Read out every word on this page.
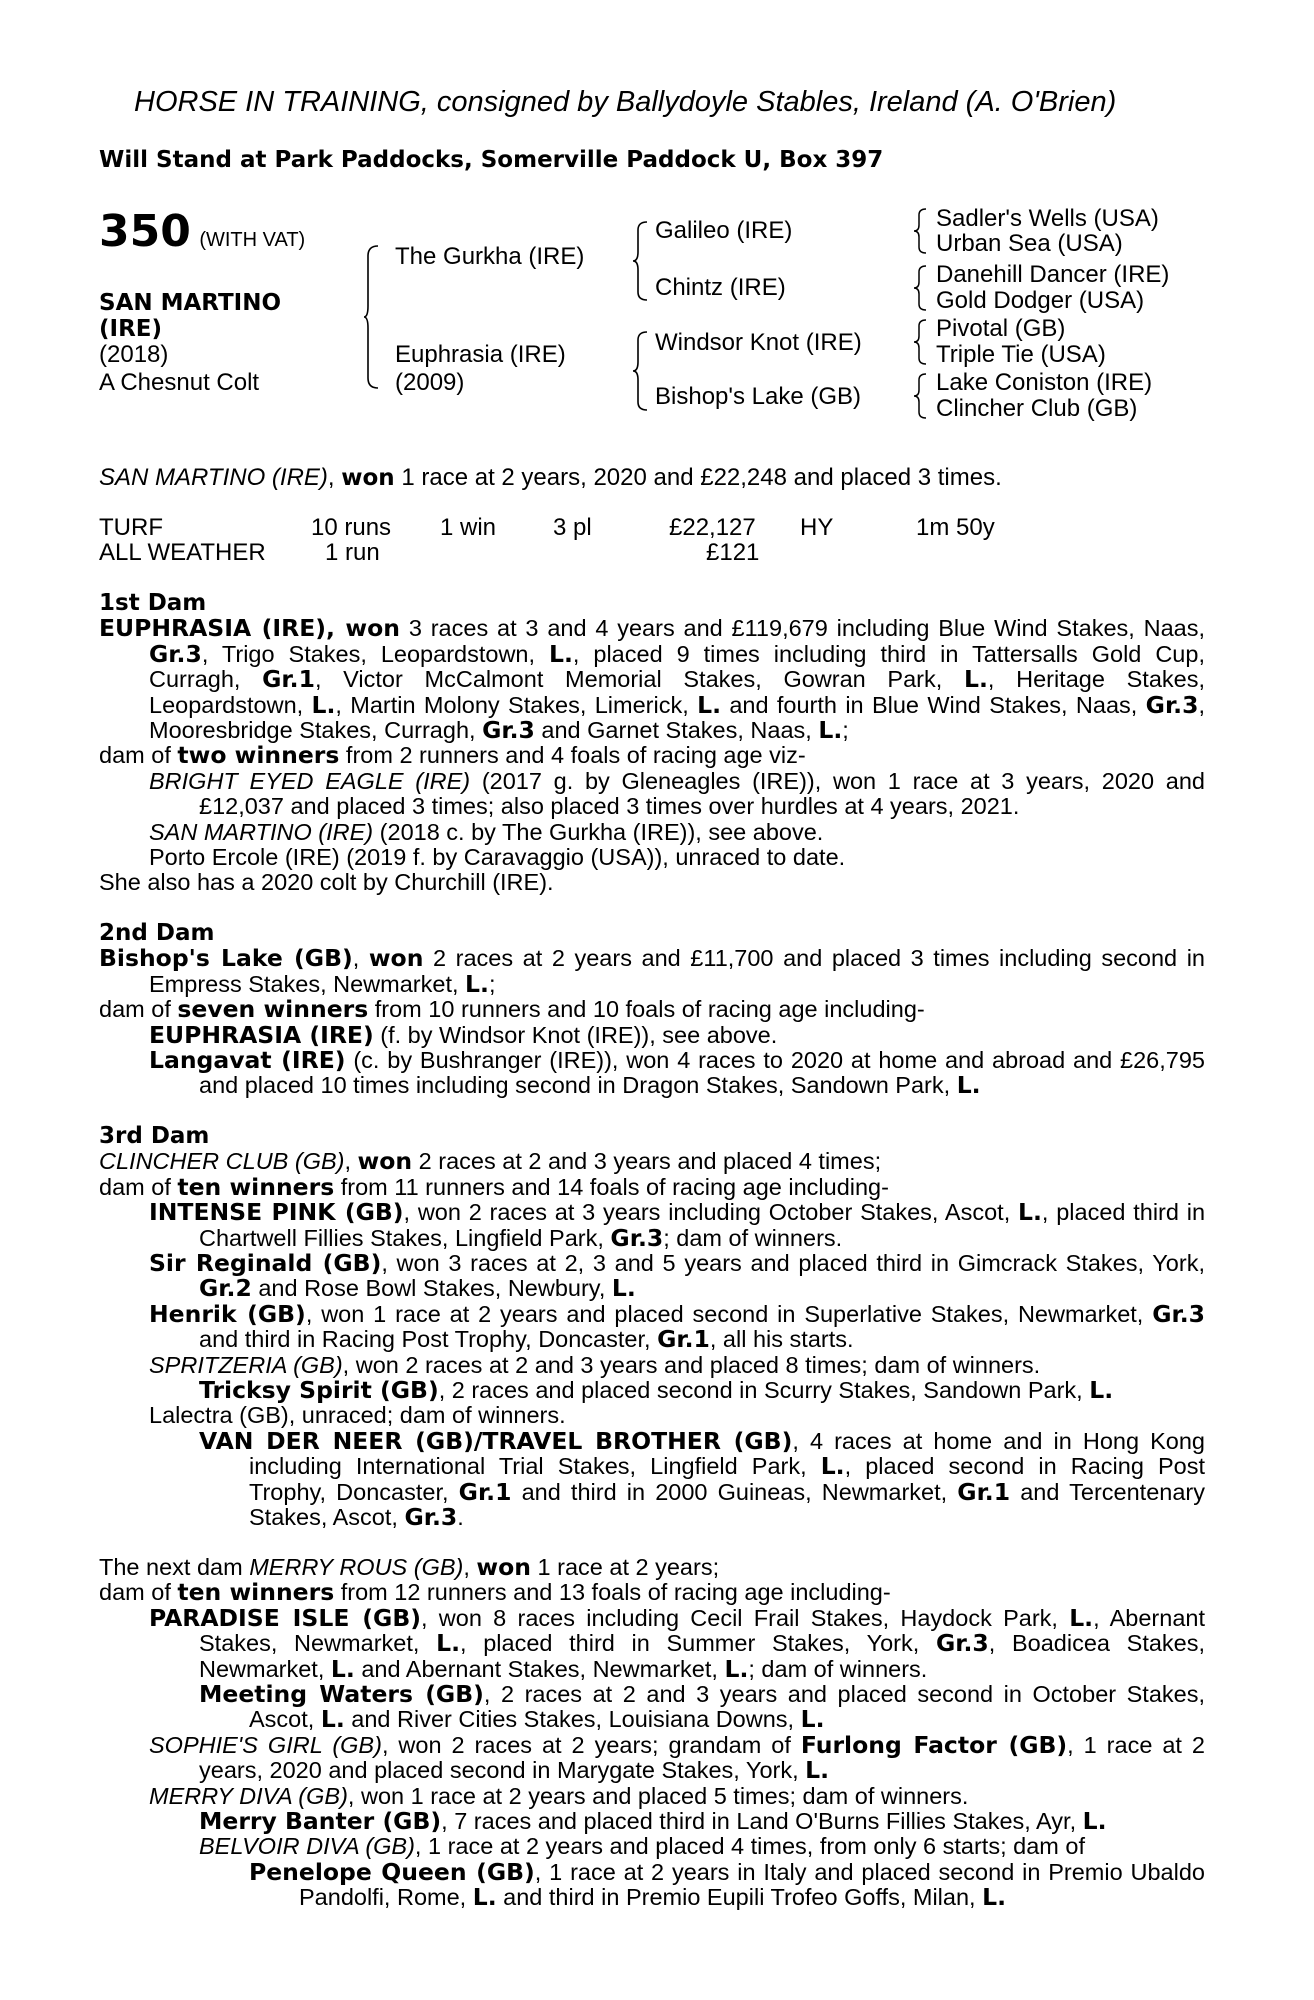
HORSE IN TRAINING, consigned by Ballydoyle Stables, Ireland (A. O'Brien)
Will Stand at Park Paddocks, Somerville Paddock U, Box 397
350 (WITH VAT)
SAN MARTINO
(IRE)
(2018)
A Chesnut Colt
The Gurkha (IRE)
Euphrasia (IRE)
(2009)
Galileo (IRE)
Chintz (IRE)
Windsor Knot (IRE)
Bishop's Lake (GB)
Sadler's Wells (USA)
Urban Sea (USA)
Danehill Dancer (IRE)
Gold Dodger (USA)
Pivotal (GB)
Triple Tie (USA)
Lake Coniston (IRE)
Clincher Club (GB)
SAN MARTINO (IRE), won 1 race at 2 years, 2020 and £22,248 and placed 3 times.
TURF	10 runs 1 win 3 pl	£22,127 HY	1m 50y
ALL WEATHER 1 run	£121

1st Dam

EUPHRASIA (IRE), won 3 races at 3 and 4 years and £119,679 including Blue Wind Stakes, Naas, Gr.3, Trigo Stakes, Leopardstown, L., placed 9 times including third in Tattersalls Gold Cup, Curragh, Gr.1, Victor McCalmont Memorial Stakes, Gowran Park, L., Heritage Stakes, Leopardstown, L., Martin Molony Stakes, Limerick, L. and fourth in Blue Wind Stakes, Naas, Gr.3, Mooresbridge Stakes, Curragh, Gr.3 and Garnet Stakes, Naas, L.;

dam of two winners from 2 runners and 4 foals of racing age viz-

BRIGHT EYED EAGLE (IRE) (2017 g. by Gleneagles (IRE)), won 1 race at 3 years, 2020 and £12,037 and placed 3 times; also placed 3 times over hurdles at 4 years, 2021.

SAN MARTINO (IRE) (2018 c. by The Gurkha (IRE)), see above.

Porto Ercole (IRE) (2019 f. by Caravaggio (USA)), unraced to date.

She also has a 2020 colt by Churchill (IRE).

2nd Dam

Bishop's Lake (GB), won 2 races at 2 years and £11,700 and placed 3 times including second in Empress Stakes, Newmarket, L.;

dam of seven winners from 10 runners and 10 foals of racing age including-

EUPHRASIA (IRE) (f. by Windsor Knot (IRE)), see above.

Langavat (IRE) (c. by Bushranger (IRE)), won 4 races to 2020 at home and abroad and £26,795 and placed 10 times including second in Dragon Stakes, Sandown Park, L.

3rd Dam

CLINCHER CLUB (GB), won 2 races at 2 and 3 years and placed 4 times;

dam of ten winners from 11 runners and 14 foals of racing age including-

INTENSE PINK (GB), won 2 races at 3 years including October Stakes, Ascot, L., placed third in Chartwell Fillies Stakes, Lingfield Park, Gr.3; dam of winners.

Sir Reginald (GB), won 3 races at 2, 3 and 5 years and placed third in Gimcrack Stakes, York, Gr.2 and Rose Bowl Stakes, Newbury, L.

Henrik (GB), won 1 race at 2 years and placed second in Superlative Stakes, Newmarket, Gr.3 and third in Racing Post Trophy, Doncaster, Gr.1, all his starts.

SPRITZERIA (GB), won 2 races at 2 and 3 years and placed 8 times; dam of winners.

Tricksy Spirit (GB), 2 races and placed second in Scurry Stakes, Sandown Park, L.

Lalectra (GB), unraced; dam of winners.

VAN DER NEER (GB)/TRAVEL BROTHER (GB), 4 races at home and in Hong Kong including International Trial Stakes, Lingfield Park, L., placed second in Racing Post Trophy, Doncaster, Gr.1 and third in 2000 Guineas, Newmarket, Gr.1 and Tercentenary Stakes, Ascot, Gr.3.

The next dam MERRY ROUS (GB), won 1 race at 2 years;

dam of ten winners from 12 runners and 13 foals of racing age including-

PARADISE ISLE (GB), won 8 races including Cecil Frail Stakes, Haydock Park, L., Abernant Stakes, Newmarket, L., placed third in Summer Stakes, York, Gr.3, Boadicea Stakes, Newmarket, L. and Abernant Stakes, Newmarket, L.; dam of winners.

Meeting Waters (GB), 2 races at 2 and 3 years and placed second in October Stakes, Ascot, L. and River Cities Stakes, Louisiana Downs, L.

SOPHIE'S GIRL (GB), won 2 races at 2 years; grandam of Furlong Factor (GB), 1 race at 2 years, 2020 and placed second in Marygate Stakes, York, L.

MERRY DIVA (GB), won 1 race at 2 years and placed 5 times; dam of winners.

Merry Banter (GB), 7 races and placed third in Land O'Burns Fillies Stakes, Ayr, L.

BELVOIR DIVA (GB), 1 race at 2 years and placed 4 times, from only 6 starts; dam of

Penelope Queen (GB), 1 race at 2 years in Italy and placed second in Premio Ubaldo Pandolfi, Rome, L. and third in Premio Eupili Trofeo Goffs, Milan, L.
